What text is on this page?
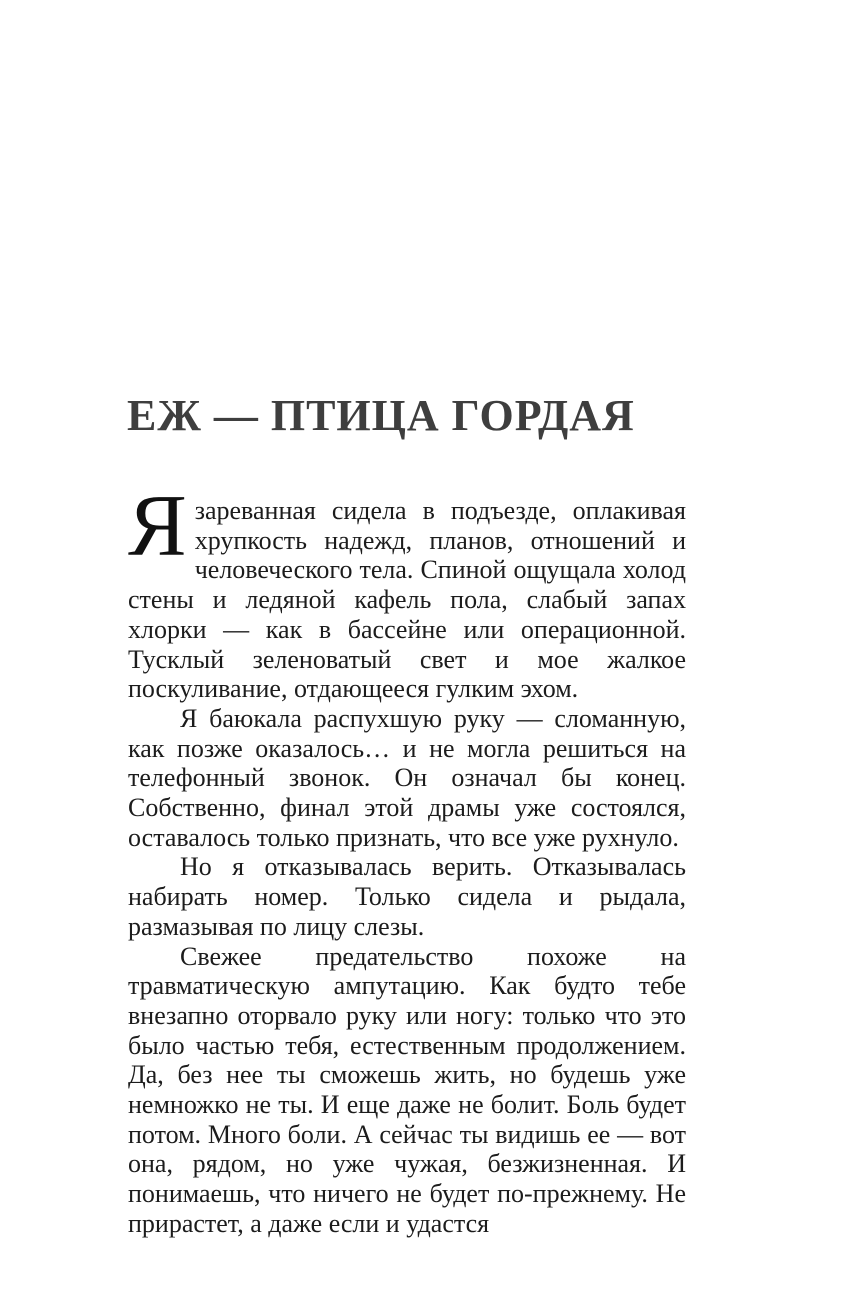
ЕЖ — ПТИЦА ГОРДАЯ

Язареванная сидела в подъезде, оплакивая хрупкость надежд, планов, отношений и человеческого тела. Спиной ощущала холод стены и ледяной кафель пола, слабый запах хлорки — как в бассейне или операционной. Тусклый зеленоватый свет и мое жалкое поскуливание, отдающееся гулким эхом.

Я баюкала распухшую руку — сломанную, как позже оказалось… и не могла решиться на телефонный звонок. Он означал бы конец. Собственно, финал этой драмы уже состоялся, оставалось только признать, что все уже рухнуло.

Но я отказывалась верить. Отказывалась набирать номер. Только сидела и рыдала, размазывая по лицу слезы.

Свежее предательство похоже на травматическую ампутацию. Как будто тебе внезапно оторвало руку или ногу: только что это было частью тебя, естественным продолжением. Да, без нее ты сможешь жить, но будешь уже немножко не ты. И еще даже не болит. Боль будет потом. Много боли. А сейчас ты видишь ее — вот она, рядом, но уже чужая, безжизненная. И понимаешь, что ничего не будет по-прежнему. Не прирастет, а даже если и удастся
